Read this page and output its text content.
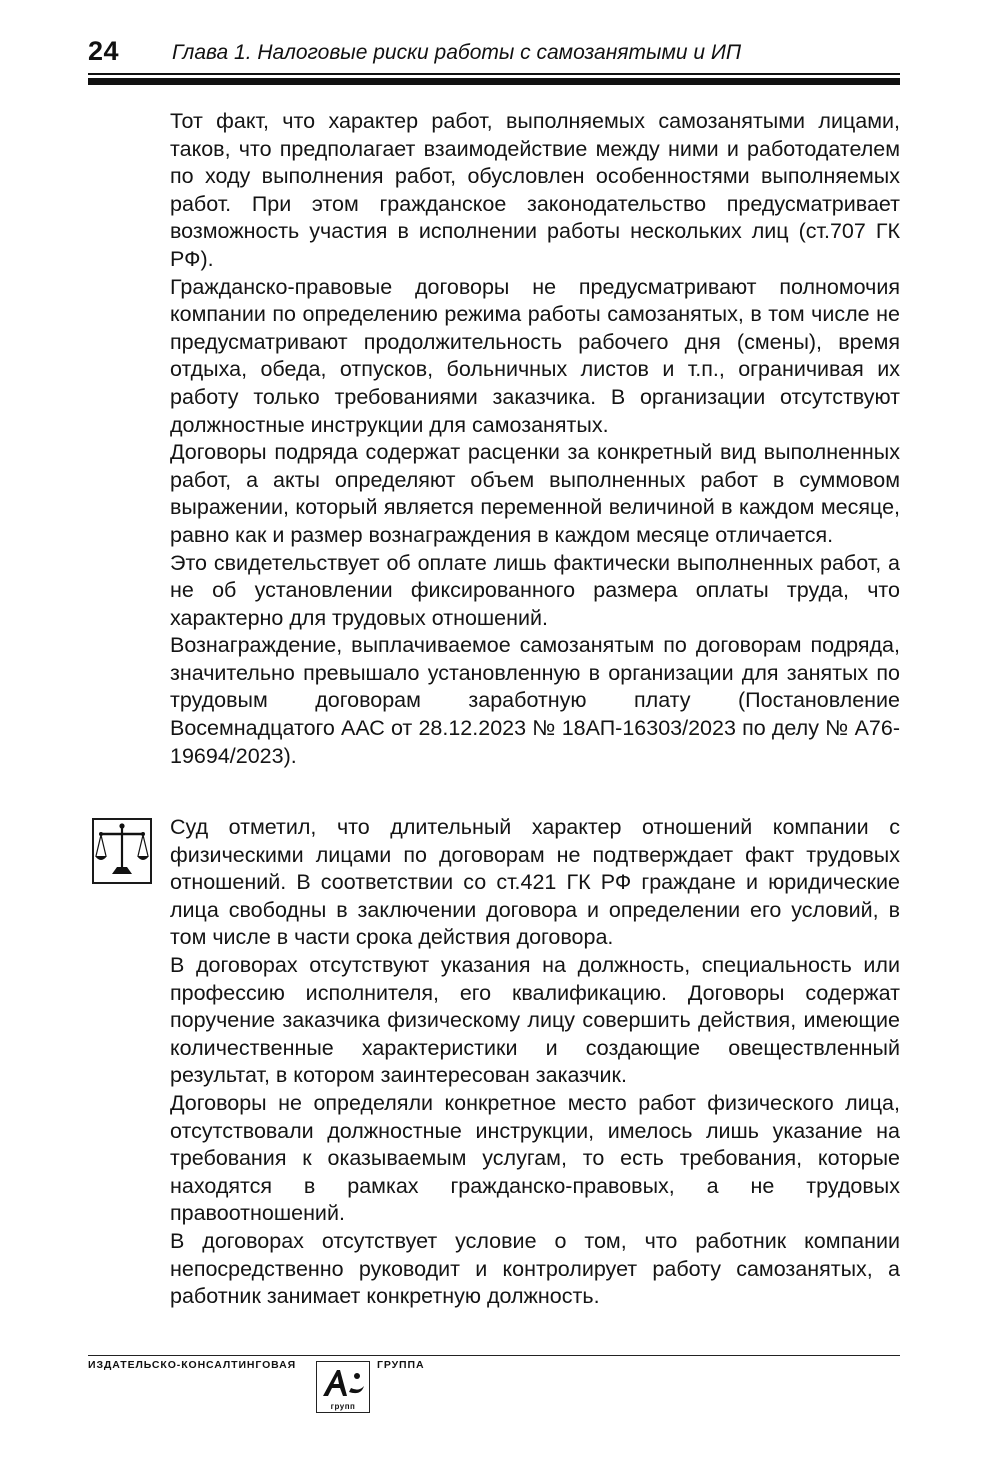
24	Глава 1. Налоговые риски работы с самозанятыми и ИП

Тот факт, что характер работ, выполняемых самозанятыми лицами, таков, что предполагает взаимодействие между ними и работодателем по ходу выполнения работ, обусловлен особенностями выполняемых работ. При этом гражданское законодательство предусматривает возможность участия в исполнении работы нескольких лиц (ст.707 ГК РФ).

Гражданско-правовые договоры не предусматривают полномочия компании по определению режима работы самозанятых, в том числе не предусматривают продолжительность рабочего дня (смены), время отдыха, обеда, отпусков, больничных листов и т.п., ограничивая их работу только требованиями заказчика. В организации отсутствуют должностные инструкции для самозанятых.

Договоры подряда содержат расценки за конкретный вид выполненных работ, а акты определяют объем выполненных работ в суммовом выражении, который является переменной величиной в каждом месяце, равно как и размер вознаграждения в каждом месяце отличается.

Это свидетельствует об оплате лишь фактически выполненных работ, а не об установлении фиксированного размера оплаты труда, что характерно для трудовых отношений.

Вознаграждение, выплачиваемое самозанятым по договорам подряда, значительно превышало установленную в организации для занятых по трудовым договорам заработную плату (Постановление Восемнадцатого ААС от 28.12.2023 № 18АП-16303/2023 по делу № А76-19694/2023).

Суд отметил, что длительный характер отношений компании с физическими лицами по договорам не подтверждает факт трудовых отношений. В соответствии со ст.421 ГК РФ граждане и юридические лица свободны в заключении договора и определении его условий, в том числе в части срока действия договора.

В договорах отсутствуют указания на должность, специальность или профессию исполнителя, его квалификацию. Договоры содержат поручение заказчика физическому лицу совершить действия, имеющие количественные характеристики и создающие овеществленный результат, в котором заинтересован заказчик.

Договоры не определяли конкретное место работ физического лица, отсутствовали должностные инструкции, имелось лишь указание на требования к оказываемым услугам, то есть требования, которые находятся в рамках гражданско-правовых, а не трудовых правоотношений.

В договорах отсутствует условие о том, что работник компании непосредственно руководит и контролирует работу самозанятых, а работник занимает конкретную должность.

ИЗДАТЕЛЬСКО-КОНСАЛТИНГОВАЯ
групп
ГРУППА
